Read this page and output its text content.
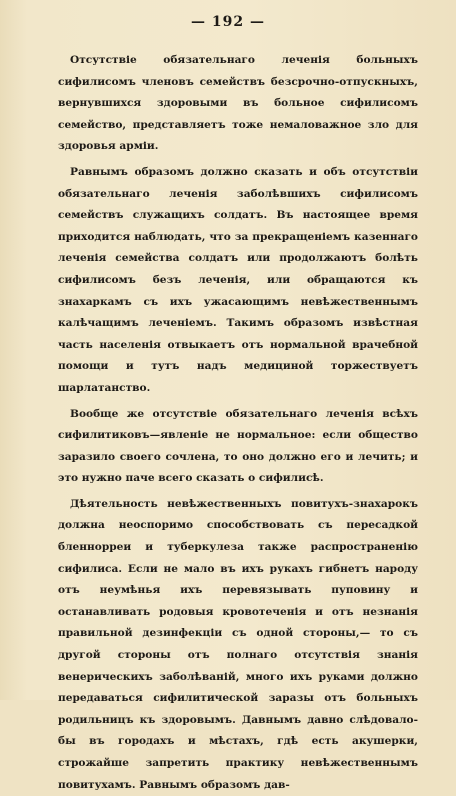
— 192 —

Отсутствіе обязательнаго леченія больныхъ сифилисомъ членовъ семействъ безсрочно-отпускныхъ, вернувшихся здоровыми въ больное сифилисомъ семейство, представляетъ тоже немаловажное зло для здоровья арміи.

Равнымъ образомъ должно сказать и объ отсутствіи обязательнаго леченія заболѣвшихъ сифилисомъ семействъ служащихъ солдатъ. Въ настоящее время приходится наблюдать, что за прекращеніемъ казеннаго леченія семейства солдатъ или продолжаютъ болѣть сифилисомъ безъ леченія, или обращаются къ знахаркамъ съ ихъ ужасающимъ невѣжественнымъ калѣчащимъ леченіемъ. Такимъ образомъ извѣстная часть населенія отвыкаетъ отъ нормальной врачебной помощи и тутъ надъ медициной торжествуетъ шарлатанство.

Вообще же отсутствіе обязательнаго леченія всѣхъ сифилитиковъ—явленіе не нормальное: если общество заразило своего сочлена, то оно должно его и лечить; и это нужно паче всего сказать о сифилисѣ.

Дѣятельность невѣжественныхъ повитухъ-знахарокъ должна неоспоримо способствовать съ пересадкой бленнорреи и туберкулеза также распространенію сифилиса. Если не мало въ ихъ рукахъ гибнетъ народу отъ неумѣнья ихъ перевязывать пуповину и останавливать родовыя кровотеченія и отъ незнанія правильной дезинфекціи съ одной стороны,— то съ другой стороны отъ полнаго отсутствія знанія венерическихъ заболѣваній, много ихъ руками должно передаваться сифилитической заразы отъ больныхъ родильницъ къ здоровымъ. Давнымъ давно слѣдовало-бы въ городахъ и мѣстахъ, гдѣ есть акушерки, строжайше запретить практику невѣжественнымъ повитухамъ. Равнымъ образомъ дав-
